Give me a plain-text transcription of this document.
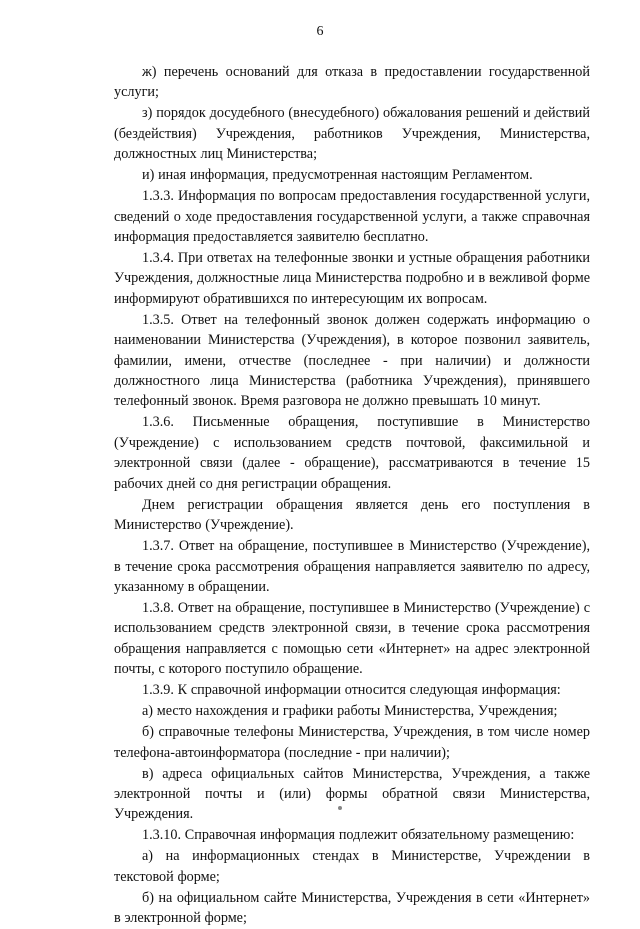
6

ж) перечень оснований для отказа в предоставлении государственной услуги;

з) порядок досудебного (внесудебного) обжалования решений и действий (бездействия) Учреждения, работников Учреждения, Министерства, должностных лиц Министерства;

и) иная информация, предусмотренная настоящим Регламентом.

1.3.3. Информация по вопросам предоставления государственной услуги, сведений о ходе предоставления государственной услуги, а также справочная информация предоставляется заявителю бесплатно.

1.3.4. При ответах на телефонные звонки и устные обращения работники Учреждения, должностные лица Министерства подробно и в вежливой форме информируют обратившихся по интересующим их вопросам.

1.3.5. Ответ на телефонный звонок должен содержать информацию о наименовании Министерства (Учреждения), в которое позвонил заявитель, фамилии, имени, отчестве (последнее - при наличии) и должности должностного лица Министерства (работника Учреждения), принявшего телефонный звонок. Время разговора не должно превышать 10 минут.

1.3.6. Письменные обращения, поступившие в Министерство (Учреждение) с использованием средств почтовой, факсимильной и электронной связи (далее - обращение), рассматриваются в течение 15 рабочих дней со дня регистрации обращения.

Днем регистрации обращения является день его поступления в Министерство (Учреждение).

1.3.7. Ответ на обращение, поступившее в Министерство (Учреждение), в течение срока рассмотрения обращения направляется заявителю по адресу, указанному в обращении.

1.3.8. Ответ на обращение, поступившее в Министерство (Учреждение) с использованием средств электронной связи, в течение срока рассмотрения обращения направляется с помощью сети «Интернет» на адрес электронной почты, с которого поступило обращение.

1.3.9. К справочной информации относится следующая информация:

а) место нахождения и графики работы Министерства, Учреждения;

б) справочные телефоны Министерства, Учреждения, в том числе номер телефона-автоинформатора (последние - при наличии);

в) адреса официальных сайтов Министерства, Учреждения, а также электронной почты и (или) формы обратной связи Министерства, Учреждения.

1.3.10. Справочная информация подлежит обязательному размещению:

а) на информационных стендах в Министерстве, Учреждении в текстовой форме;

б) на официальном сайте Министерства, Учреждения в сети «Интернет» в электронной форме;
